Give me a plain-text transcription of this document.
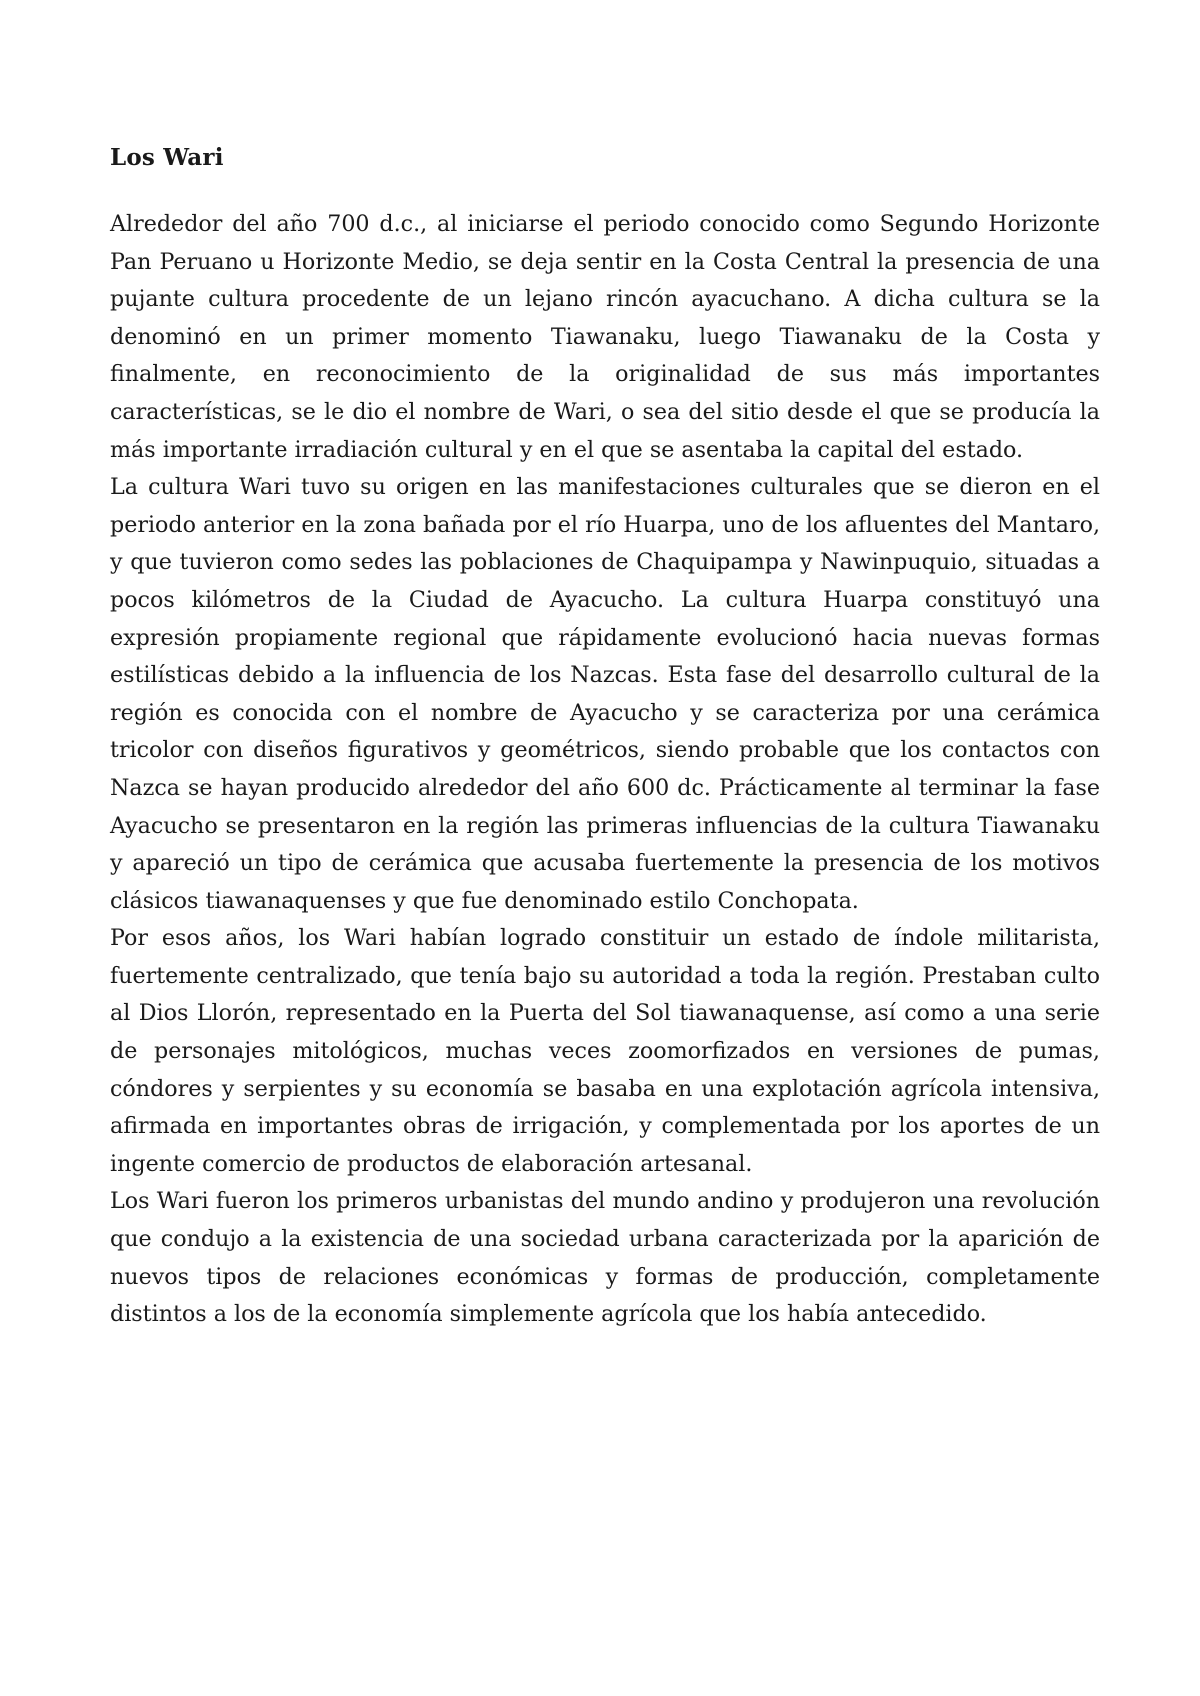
Los Wari

Alrededor del año 700 d.c., al iniciarse el periodo conocido como Segundo Horizonte Pan Peruano u Horizonte Medio, se deja sentir en la Costa Central la presencia de una pujante cultura procedente de un lejano rincón ayacuchano. A dicha cultura se la denominó en un primer momento Tiawanaku, luego Tiawanaku de la Costa y finalmente, en reconocimiento de la originalidad de sus más importantes características, se le dio el nombre de Wari, o sea del sitio desde el que se producía la más importante irradiación cultural y en el que se asentaba la capital del estado.

La cultura Wari tuvo su origen en las manifestaciones culturales que se dieron en el periodo anterior en la zona bañada por el río Huarpa, uno de los afluentes del Mantaro, y que tuvieron como sedes las poblaciones de Chaquipampa y Nawinpuquio, situadas a pocos kilómetros de la Ciudad de Ayacucho. La cultura Huarpa constituyó una expresión propiamente regional que rápidamente evolucionó hacia nuevas formas estilísticas debido a la influencia de los Nazcas. Esta fase del desarrollo cultural de la región es conocida con el nombre de Ayacucho y se caracteriza por una cerámica tricolor con diseños figurativos y geométricos, siendo probable que los contactos con Nazca se hayan producido alrededor del año 600 dc. Prácticamente al terminar la fase Ayacucho se presentaron en la región las primeras influencias de la cultura Tiawanaku y apareció un tipo de cerámica que acusaba fuertemente la presencia de los motivos clásicos tiawanaquenses y que fue denominado estilo Conchopata.

Por esos años, los Wari habían logrado constituir un estado de índole militarista, fuertemente centralizado, que tenía bajo su autoridad a toda la región. Prestaban culto al Dios Llorón, representado en la Puerta del Sol tiawanaquense, así como a una serie de personajes mitológicos, muchas veces zoomorfizados en versiones de pumas, cóndores y serpientes y su economía se basaba en una explotación agrícola intensiva, afirmada en importantes obras de irrigación, y complementada por los aportes de un ingente comercio de productos de elaboración artesanal.

Los Wari fueron los primeros urbanistas del mundo andino y produjeron una revolución que condujo a la existencia de una sociedad urbana caracterizada por la aparición de nuevos tipos de relaciones económicas y formas de producción, completamente distintos a los de la economía simplemente agrícola que los había antecedido.
